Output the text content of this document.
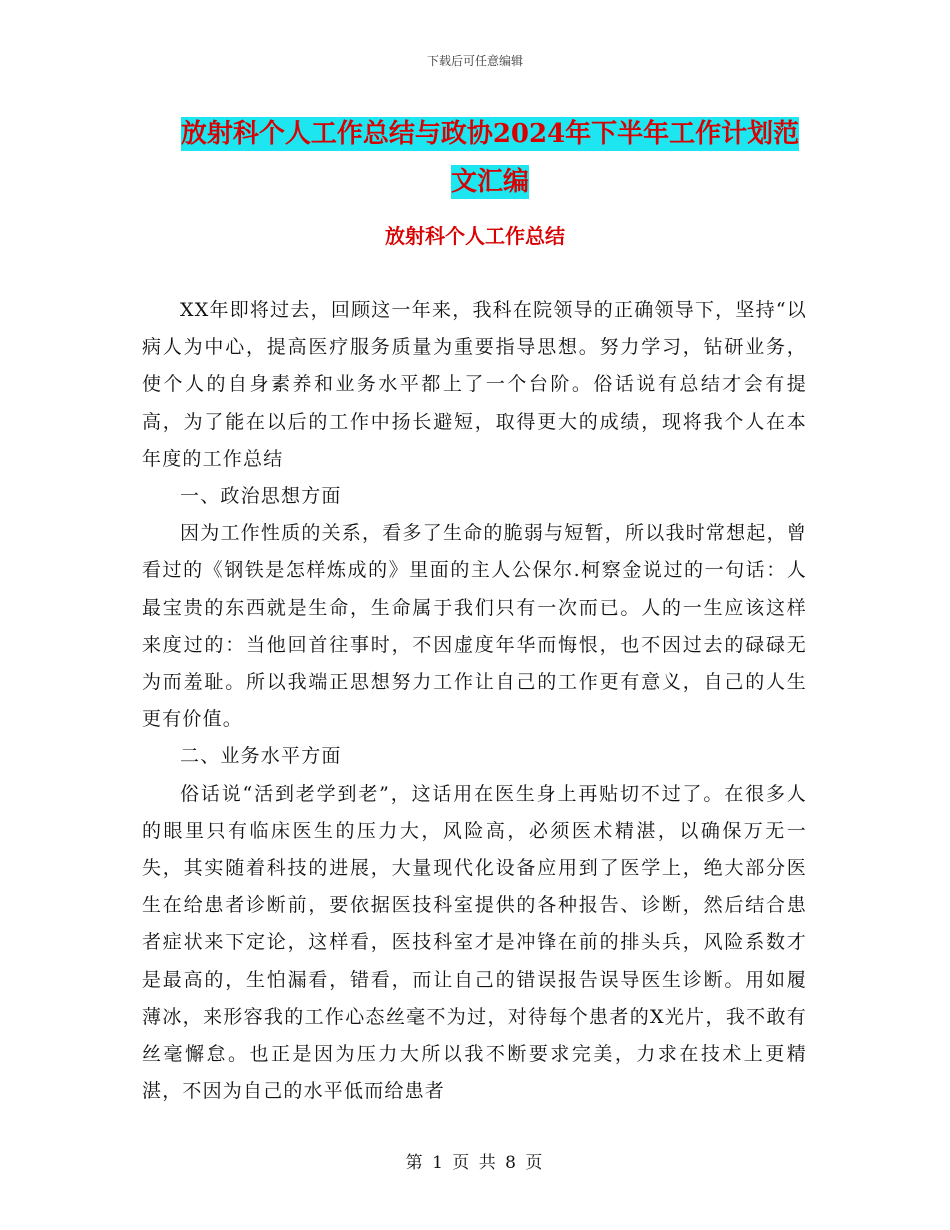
下载后可任意编辑
放射科个人工作总结与政协2024年下半年工作计划范
文汇编
放射科个人工作总结

XX年即将过去，回顾这一年来，我科在院领导的正确领导下，坚持“以病人为中心，提高医疗服务质量为重要指导思想。努力学习，钻研业务，使个人的自身素养和业务水平都上了一个台阶。俗话说有总结才会有提高，为了能在以后的工作中扬长避短，取得更大的成绩，现将我个人在本年度的工作总结

一、政治思想方面

因为工作性质的关系，看多了生命的脆弱与短暂，所以我时常想起，曾看过的《钢铁是怎样炼成的》里面的主人公保尔.柯察金说过的一句话：人最宝贵的东西就是生命，生命属于我们只有一次而已。人的一生应该这样来度过的：当他回首往事时，不因虚度年华而悔恨，也不因过去的碌碌无为而羞耻。所以我端正思想努力工作让自己的工作更有意义，自己的人生更有价值。

二、业务水平方面

俗话说“活到老学到老”，这话用在医生身上再贴切不过了。在很多人的眼里只有临床医生的压力大，风险高，必须医术精湛，以确保万无一失，其实随着科技的进展，大量现代化设备应用到了医学上，绝大部分医生在给患者诊断前，要依据医技科室提供的各种报告、诊断，然后结合患者症状来下定论，这样看，医技科室才是冲锋在前的排头兵，风险系数才是最高的，生怕漏看，错看，而让自己的错误报告误导医生诊断。用如履薄冰，来形容我的工作心态丝毫不为过，对待每个患者的X光片，我不敢有丝毫懈怠。也正是因为压力大所以我不断要求完美，力求在技术上更精湛，不因为自己的水平低而给患者

第 1 页 共 8 页
